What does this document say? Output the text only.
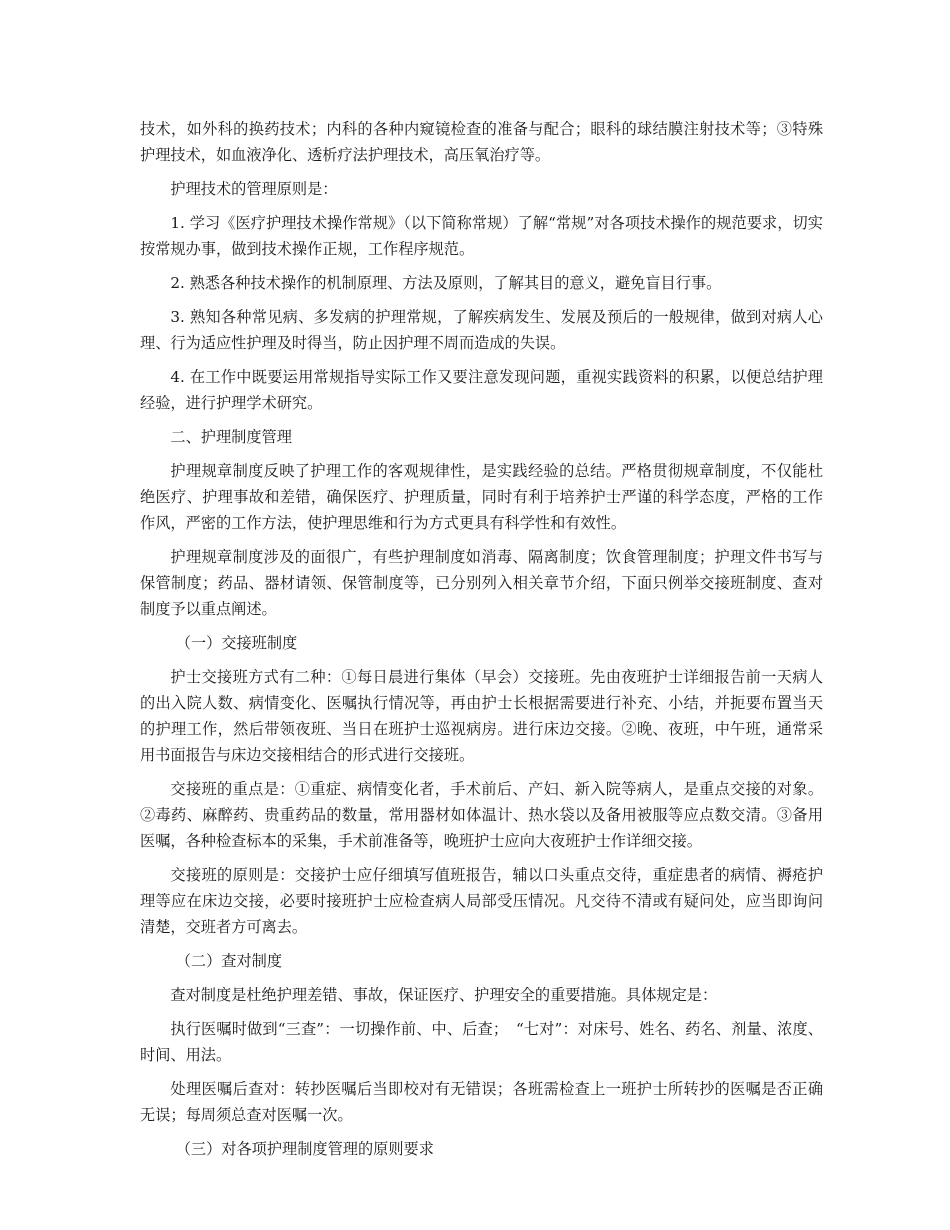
技术，如外科的换药技术；内科的各种内窥镜检查的准备与配合；眼科的球结膜注射技术等；③特殊护理技术，如血液净化、透析疗法护理技术，高压氧治疗等。

护理技术的管理原则是：

1. 学习《医疗护理技术操作常规》（以下简称常规）了解“常规”对各项技术操作的规范要求，切实按常规办事，做到技术操作正规，工作程序规范。

2. 熟悉各种技术操作的机制原理、方法及原则，了解其目的意义，避免盲目行事。

3. 熟知各种常见病、多发病的护理常规，了解疾病发生、发展及预后的一般规律，做到对病人心理、行为适应性护理及时得当，防止因护理不周而造成的失误。

4. 在工作中既要运用常规指导实际工作又要注意发现问题，重视实践资料的积累，以便总结护理经验，进行护理学术研究。

二、护理制度管理

护理规章制度反映了护理工作的客观规律性，是实践经验的总结。严格贯彻规章制度，不仅能杜绝医疗、护理事故和差错，确保医疗、护理质量，同时有利于培养护士严谨的科学态度，严格的工作作风，严密的工作方法，使护理思维和行为方式更具有科学性和有效性。

护理规章制度涉及的面很广，有些护理制度如消毒、隔离制度；饮食管理制度；护理文件书写与保管制度；药品、器材请领、保管制度等，已分别列入相关章节介绍，下面只例举交接班制度、查对制度予以重点阐述。

（一）交接班制度

护士交接班方式有二种：①每日晨进行集体（早会）交接班。先由夜班护士详细报告前一天病人的出入院人数、病情变化、医嘱执行情况等，再由护士长根据需要进行补充、小结，并扼要布置当天的护理工作，然后带领夜班、当日在班护士巡视病房。进行床边交接。②晚、夜班，中午班，通常采用书面报告与床边交接相结合的形式进行交接班。

交接班的重点是：①重症、病情变化者，手术前后、产妇、新入院等病人，是重点交接的对象。②毒药、麻醉药、贵重药品的数量，常用器材如体温计、热水袋以及备用被服等应点数交清。③备用医嘱，各种检查标本的采集，手术前准备等，晚班护士应向大夜班护士作详细交接。

交接班的原则是：交接护士应仔细填写值班报告，辅以口头重点交待，重症患者的病情、褥疮护理等应在床边交接，必要时接班护士应检查病人局部受压情况。凡交待不清或有疑问处，应当即询问清楚，交班者方可离去。

（二）查对制度

查对制度是杜绝护理差错、事故，保证医疗、护理安全的重要措施。具体规定是：

执行医嘱时做到“三查”：一切操作前、中、后查；　“七对”：对床号、姓名、药名、剂量、浓度、时间、用法。

处理医嘱后查对：转抄医嘱后当即校对有无错误；各班需检查上一班护士所转抄的医嘱是否正确无误；每周须总查对医嘱一次。

（三）对各项护理制度管理的原则要求
